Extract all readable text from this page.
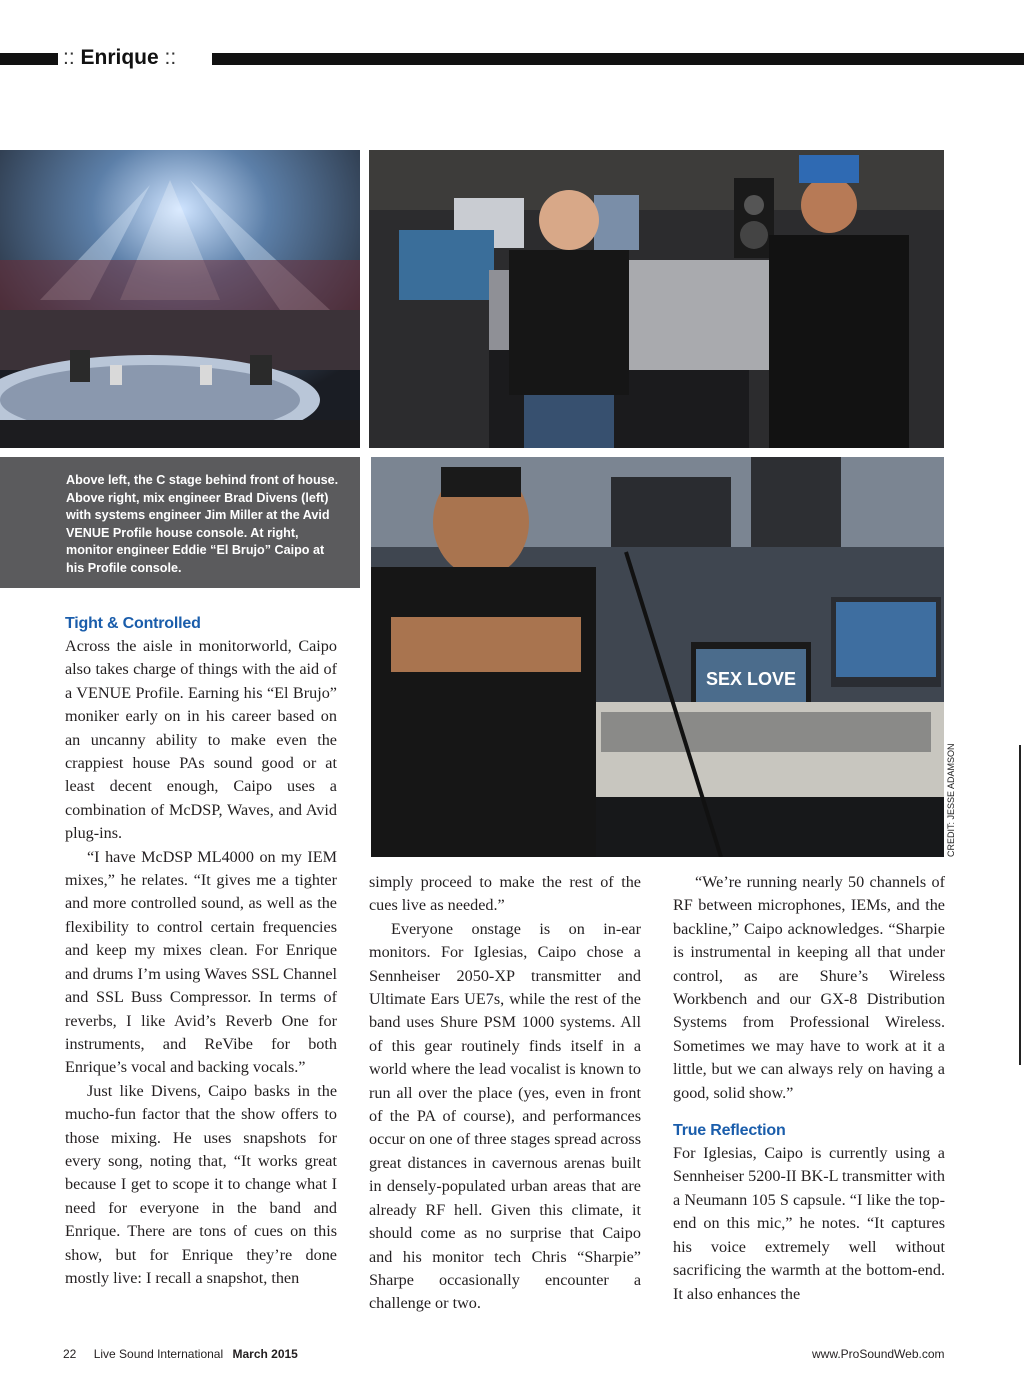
:: Enrique ::
Above left, the C stage behind front of house. Above right, mix engineer Brad Divens (left) with systems engineer Jim Miller at the Avid VENUE Profile house console. At right, monitor engineer Eddie “El Brujo” Caipo at his Profile console.
SEX LOVE
CREDIT: JESSE ADAMSON
Tight & Controlled

Across the aisle in monitorworld, Caipo also takes charge of things with the aid of a VENUE Profile. Earning his “El Brujo” moniker early on in his career based on an uncanny ability to make even the crappiest house PAs sound good or at least decent enough, Caipo uses a combination of McDSP, Waves, and Avid plug-ins.

“I have McDSP ML4000 on my IEM mixes,” he relates. “It gives me a tighter and more controlled sound, as well as the flexibility to control certain frequencies and keep my mixes clean. For Enrique and drums I’m using Waves SSL Channel and SSL Buss Compressor. In terms of reverbs, I like Avid’s Reverb One for instruments, and ReVibe for both Enrique’s vocal and backing vocals.”

Just like Divens, Caipo basks in the mucho-fun factor that the show offers to those mixing. He uses snapshots for every song, noting that, “It works great because I get to scope it to change what I need for everyone in the band and Enrique. There are tons of cues on this show, but for Enrique they’re done mostly live: I recall a snapshot, then

simply proceed to make the rest of the cues live as needed.”

Everyone onstage is on in-ear monitors. For Iglesias, Caipo chose a Sennheiser 2050-XP transmitter and Ultimate Ears UE7s, while the rest of the band uses Shure PSM 1000 systems. All of this gear routinely finds itself in a world where the lead vocalist is known to run all over the place (yes, even in front of the PA of course), and performances occur on one of three stages spread across great distances in cavernous arenas built in densely-populated urban areas that are already RF hell. Given this climate, it should come as no surprise that Caipo and his monitor tech Chris “Sharpie” Sharpe occasionally encounter a challenge or two.

“We’re running nearly 50 channels of RF between microphones, IEMs, and the backline,” Caipo acknowledges. “Sharpie is instrumental in keeping all that under control, as are Shure’s Wireless Workbench and our GX-8 Distribution Systems from Professional Wireless. Sometimes we may have to work at it a little, but we can always rely on having a good, solid show.”

True Reflection

For Iglesias, Caipo is currently using a Sennheiser 5200-II BK-L transmitter with a Neumann 105 S capsule. “I like the top-end on this mic,” he notes. “It captures his voice extremely well without sacrificing the warmth at the bottom-end. It also enhances the

22 Live Sound International March 2015	www.ProSoundWeb.com
